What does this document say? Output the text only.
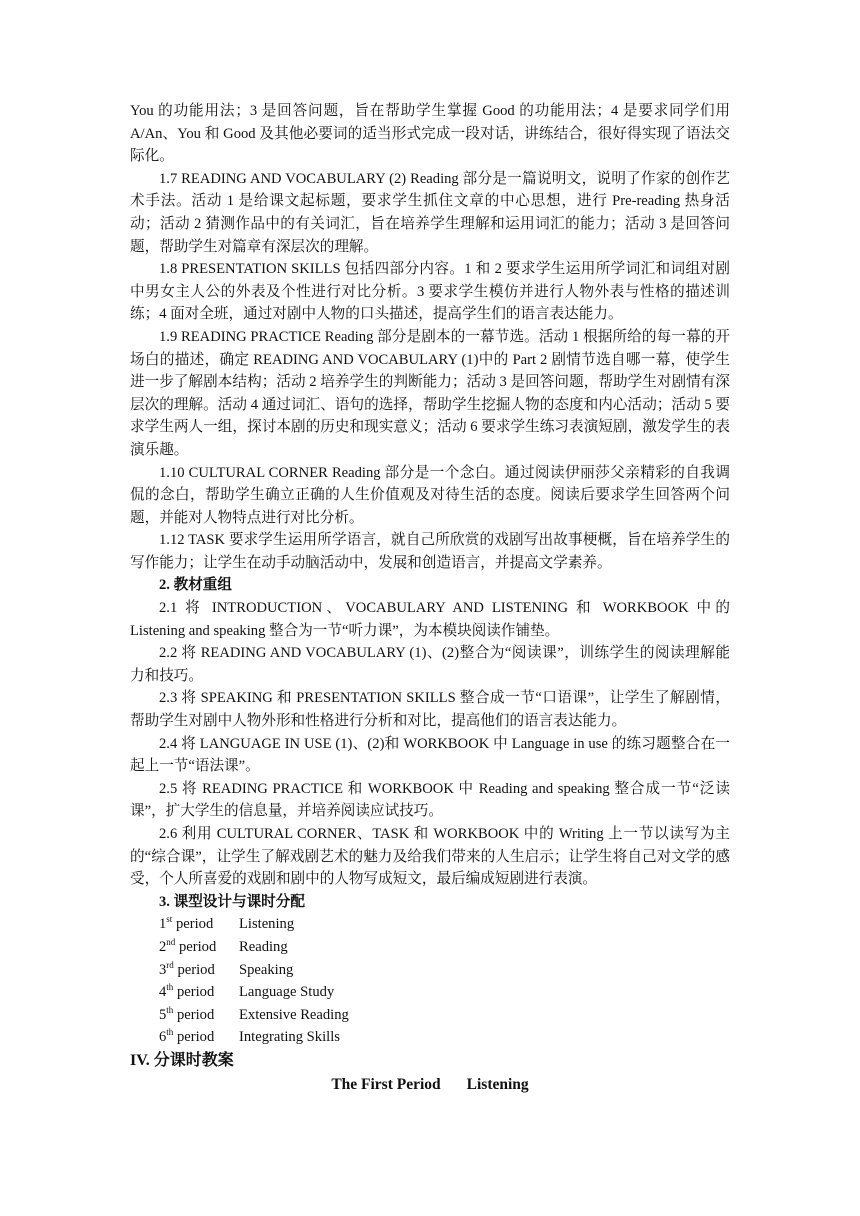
You 的功能用法；3 是回答问题，旨在帮助学生掌握 Good 的功能用法；4 是要求同学们用 A/An、You 和 Good 及其他必要词的适当形式完成一段对话，讲练结合，很好得实现了语法交际化。

1.7 READING AND VOCABULARY (2) Reading 部分是一篇说明文，说明了作家的创作艺术手法。活动 1 是给课文起标题，要求学生抓住文章的中心思想，进行 Pre-reading 热身活动；活动 2 猜测作品中的有关词汇，旨在培养学生理解和运用词汇的能力；活动 3 是回答问题，帮助学生对篇章有深层次的理解。

1.8 PRESENTATION SKILLS 包括四部分内容。1 和 2 要求学生运用所学词汇和词组对剧中男女主人公的外表及个性进行对比分析。3 要求学生模仿并进行人物外表与性格的描述训练；4 面对全班，通过对剧中人物的口头描述，提高学生们的语言表达能力。

1.9 READING PRACTICE Reading 部分是剧本的一幕节选。活动 1 根据所给的每一幕的开场白的描述，确定 READING AND VOCABULARY (1)中的 Part 2 剧情节选自哪一幕，使学生进一步了解剧本结构；活动 2 培养学生的判断能力；活动 3 是回答问题，帮助学生对剧情有深层次的理解。活动 4 通过词汇、语句的选择，帮助学生挖掘人物的态度和内心活动；活动 5 要求学生两人一组，探讨本剧的历史和现实意义；活动 6 要求学生练习表演短剧，激发学生的表演乐趣。

1.10 CULTURAL CORNER Reading 部分是一个念白。通过阅读伊丽莎父亲精彩的自我调侃的念白，帮助学生确立正确的人生价值观及对待生活的态度。阅读后要求学生回答两个问题，并能对人物特点进行对比分析。

1.12 TASK 要求学生运用所学语言，就自己所欣赏的戏剧写出故事梗概，旨在培养学生的写作能力；让学生在动手动脑活动中，发展和创造语言，并提高文学素养。

2. 教材重组

2.1 将 INTRODUCTION、VOCABULARY AND LISTENING 和 WORKBOOK 中的 Listening and speaking 整合为一节“听力课”，为本模块阅读作铺垫。

2.2 将 READING AND VOCABULARY (1)、(2)整合为“阅读课”，训练学生的阅读理解能力和技巧。

2.3 将 SPEAKING 和 PRESENTATION SKILLS 整合成一节“口语课”，让学生了解剧情，帮助学生对剧中人物外形和性格进行分析和对比，提高他们的语言表达能力。

2.4 将 LANGUAGE IN USE (1)、(2)和 WORKBOOK 中 Language in use 的练习题整合在一起上一节“语法课”。

2.5 将 READING PRACTICE 和 WORKBOOK 中 Reading and speaking 整合成一节“泛读课”，扩大学生的信息量，并培养阅读应试技巧。

2.6 利用 CULTURAL CORNER、TASK 和 WORKBOOK 中的 Writing 上一节以读写为主的“综合课”，让学生了解戏剧艺术的魅力及给我们带来的人生启示；让学生将自己对文学的感受，个人所喜爱的戏剧和剧中的人物写成短文，最后编成短剧进行表演。

3. 课型设计与课时分配

1st period Listening
2nd period Reading
3rd period Speaking
4th period Language Study
5th period Extensive Reading
6th period Integrating Skills

IV. 分课时教案

The First Period Listening
